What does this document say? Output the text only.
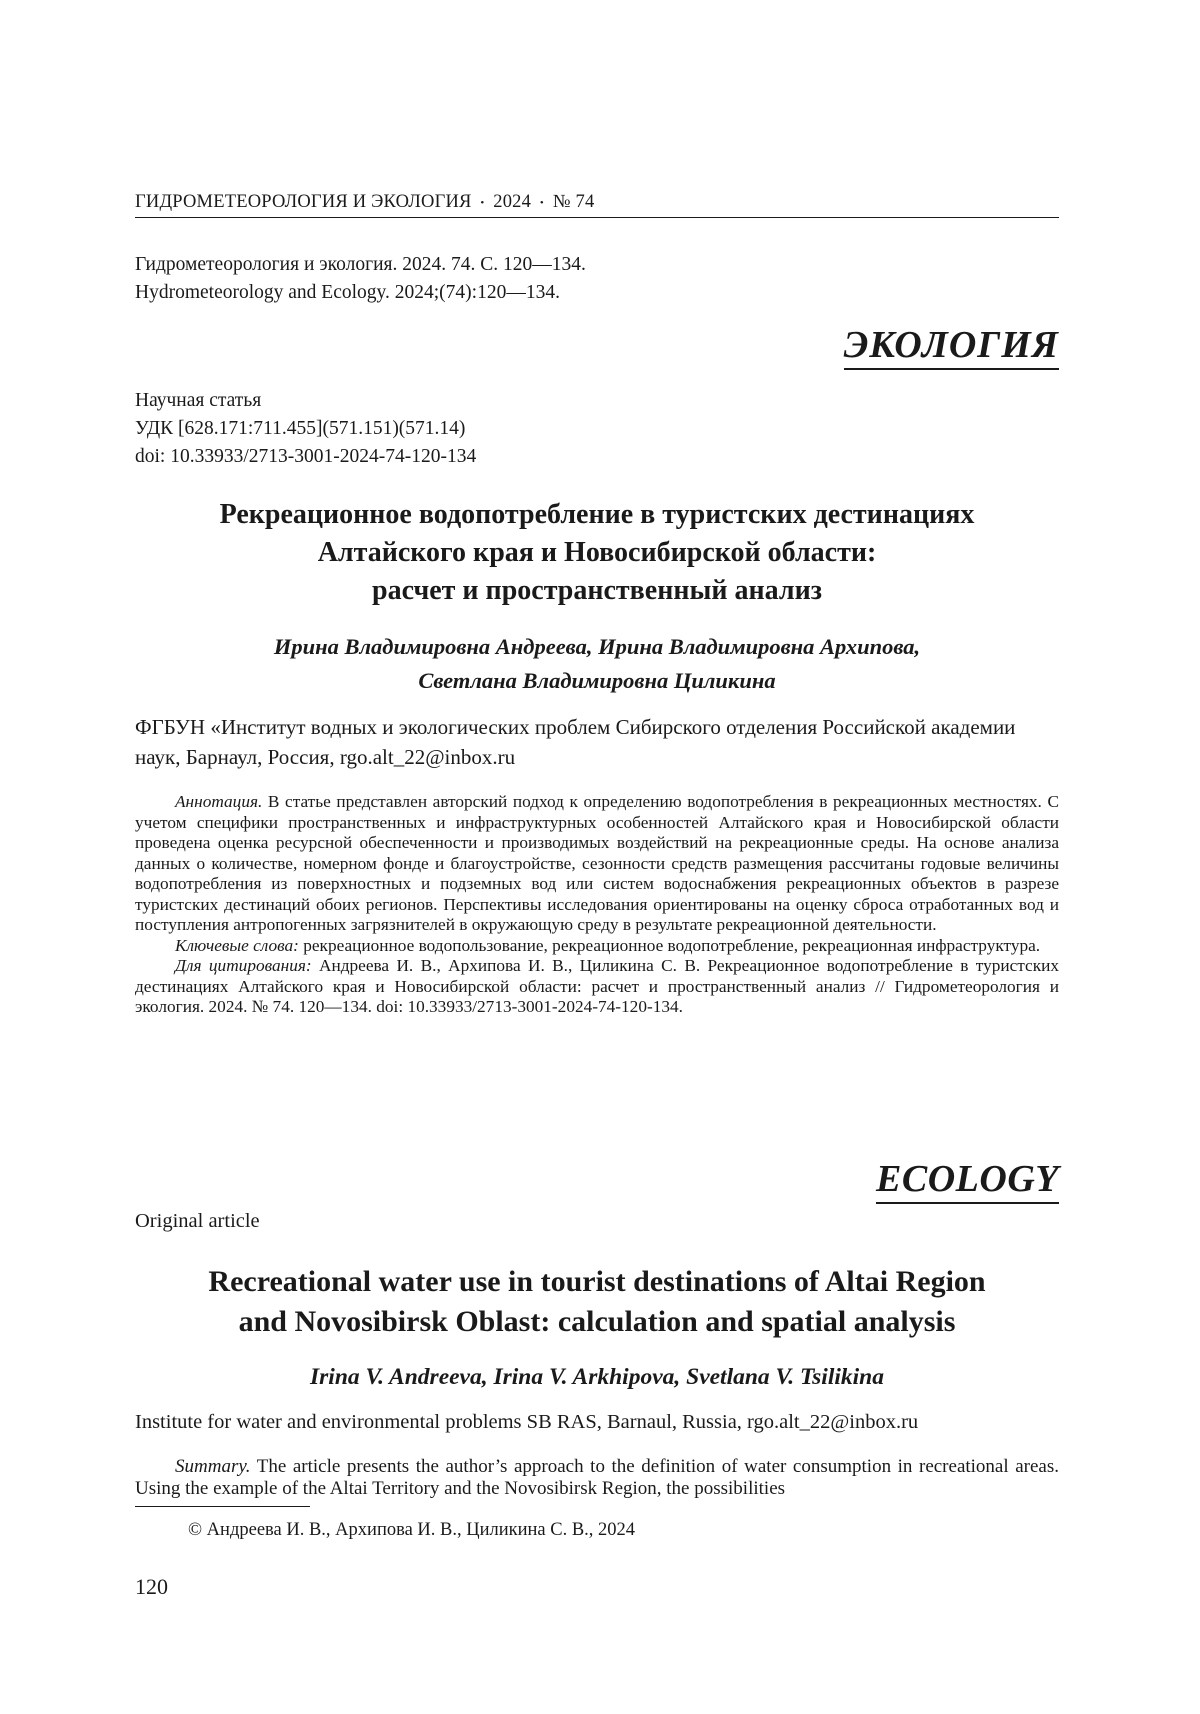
ГИДРОМЕТЕОРОЛОГИЯ И ЭКОЛОГИЯ • 2024 • № 74
Гидрометеорология и экология. 2024. 74. С. 120—134.
Hydrometeorology and Ecology. 2024;(74):120—134.
ЭКОЛОГИЯ
Научная статья
УДК [628.171:711.455](571.151)(571.14)
doi: 10.33933/2713-3001-2024-74-120-134
Рекреационное водопотребление в туристских дестинациях
Алтайского края и Новосибирской области:
расчет и пространственный анализ
Ирина Владимировна Андреева, Ирина Владимировна Архипова,
Светлана Владимировна Циликина
ФГБУН «Институт водных и экологических проблем Сибирского отделения Российской академии наук, Барнаул, Россия, rgo.alt_22@inbox.ru

Аннотация. В статье представлен авторский подход к определению водопотребления в рекреационных местностях. С учетом специфики пространственных и инфраструктурных особенностей Алтайского края и Новосибирской области проведена оценка ресурсной обеспеченности и производимых воздействий на рекреационные среды. На основе анализа данных о количестве, номерном фонде и благоустройстве, сезонности средств размещения рассчитаны годовые величины водопотребления из поверхностных и подземных вод или систем водоснабжения рекреационных объектов в разрезе туристских дестинаций обоих регионов. Перспективы исследования ориентированы на оценку сброса отработанных вод и поступления антропогенных загрязнителей в окружающую среду в результате рекреационной деятельности.

Ключевые слова: рекреационное водопользование, рекреационное водопотребление, рекреационная инфраструктура.

Для цитирования: Андреева И. В., Архипова И. В., Циликина С. В. Рекреационное водопотребление в туристских дестинациях Алтайского края и Новосибирской области: расчет и пространственный анализ // Гидрометеорология и экология. 2024. № 74. 120—134. doi: 10.33933/2713-3001-2024-74-120-134.

ECOLOGY
Original article
Recreational water use in tourist destinations of Altai Region
and Novosibirsk Oblast: calculation and spatial analysis
Irina V. Andreeva, Irina V. Arkhipova, Svetlana V. Tsilikina
Institute for water and environmental problems SB RAS, Barnaul, Russia, rgo.alt_22@inbox.ru

Summary. The article presents the author’s approach to the definition of water consumption in recreational areas. Using the example of the Altai Territory and the Novosibirsk Region, the possibilities

© Андреева И. В., Архипова И. В., Циликина С. В., 2024
120
